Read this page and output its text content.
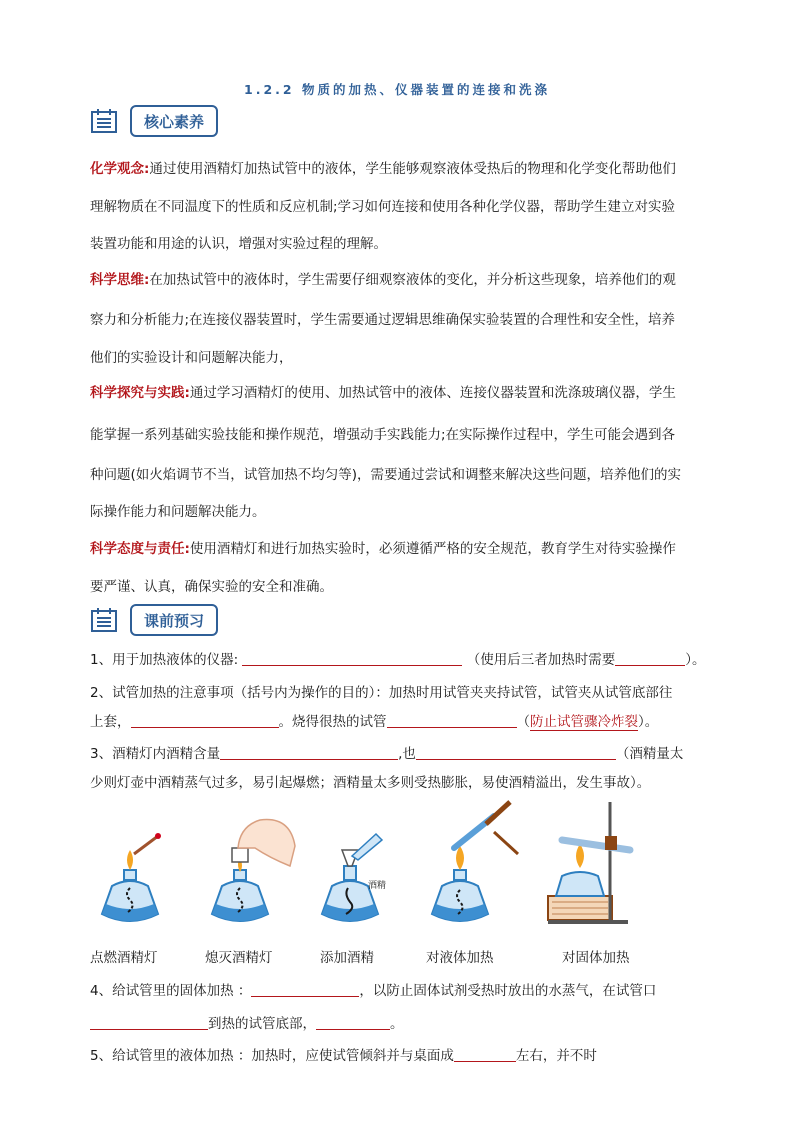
1.2.2 物质的加热、仪器装置的连接和洗涤
核心素养
化学观念:通过使用酒精灯加热试管中的液体，学生能够观察液体受热后的物理和化学变化帮助他们
理解物质在不同温度下的性质和反应机制;学习如何连接和使用各种化学仪器，帮助学生建立对实验
装置功能和用途的认识，增强对实验过程的理解。
科学思维:在加热试管中的液体时，学生需要仔细观察液体的变化，并分析这些现象，培养他们的观
察力和分析能力;在连接仪器装置时，学生需要通过逻辑思维确保实验装置的合理性和安全性，培养
他们的实验设计和问题解决能力，
科学探究与实践:通过学习酒精灯的使用、加热试管中的液体、连接仪器装置和洗涤玻璃仪器，学生
能掌握一系列基础实验技能和操作规范，增强动手实践能力;在实际操作过程中，学生可能会遇到各
种问题(如火焰调节不当，试管加热不均匀等)，需要通过尝试和调整来解决这些问题，培养他们的实
际操作能力和问题解决能力。
科学态度与责任:使用酒精灯和进行加热实验时，必须遵循严格的安全规范，教育学生对待实验操作
要严谨、认真，确保实验的安全和准确。
课前预习
1、用于加热液体的仪器:	（使用后三者加热时需要	）。
2、试管加热的注意事项（括号内为操作的目的）：加热时用试管夹夹持试管，试管夹从试管底部往
上套，	。烧得很热的试管	（防止试管骤冷炸裂）。
3、酒精灯内酒精含量	,也	（酒精量太
少则灯壶中酒精蒸气过多，易引起爆燃；酒精量太多则受热膨胀，易使酒精溢出，发生事故）。
酒精
点燃酒精灯	熄灭酒精灯	添加酒精	对液体加热	对固体加热
4、给试管里的固体加热 ：	，以防止固体试剂受热时放出的水蒸气，在试管口
到热的试管底部，	。
5、给试管里的液体加热 ：加热时，应使试管倾斜并与桌面成	左右，并不时
